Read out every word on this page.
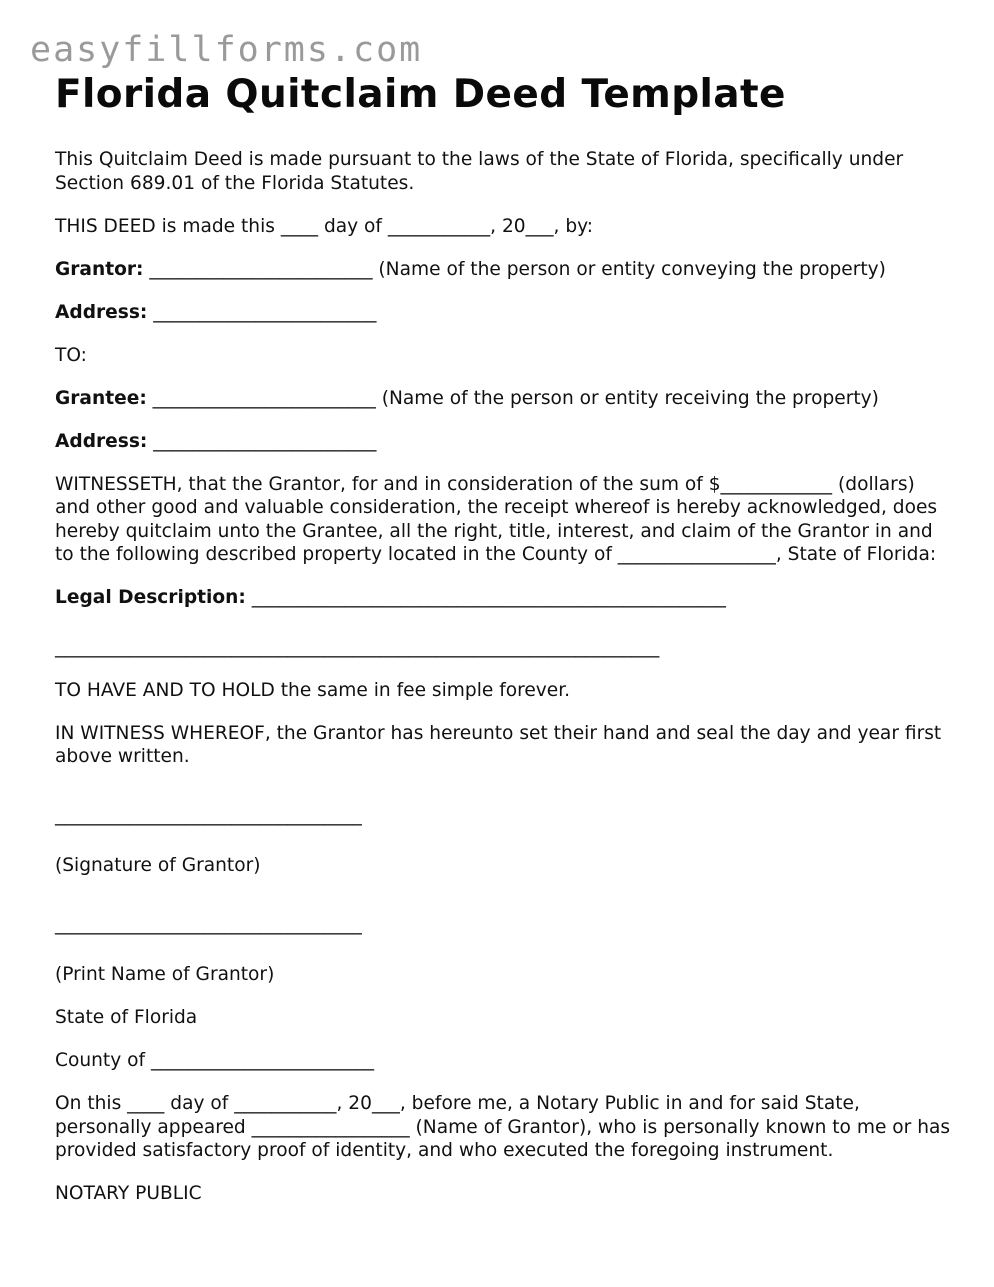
easyfillforms.com
Florida Quitclaim Deed Template

This Quitclaim Deed is made pursuant to the laws of the State of Florida, specifically under Section 689.01 of the Florida Statutes.

THIS DEED is made this ____ day of ___________, 20___, by:

Grantor: ________________________ (Name of the person or entity conveying the property)

Address: ________________________

TO:

Grantee: ________________________ (Name of the person or entity receiving the property)

Address: ________________________

WITNESSETH, that the Grantor, for and in consideration of the sum of $____________ (dollars) and other good and valuable consideration, the receipt whereof is hereby acknowledged, does hereby quitclaim unto the Grantee, all the right, title, interest, and claim of the Grantor in and to the following described property located in the County of _________________, State of Florida:

Legal Description: ___________________________________________________

_________________________________________________________________

TO HAVE AND TO HOLD the same in fee simple forever.

IN WITNESS WHEREOF, the Grantor has hereunto set their hand and seal the day and year first above written.

_________________________________

(Signature of Grantor)

_________________________________

(Print Name of Grantor)

State of Florida

County of ________________________

On this ____ day of ___________, 20___, before me, a Notary Public in and for said State, personally appeared _________________ (Name of Grantor), who is personally known to me or has provided satisfactory proof of identity, and who executed the foregoing instrument.

NOTARY PUBLIC
